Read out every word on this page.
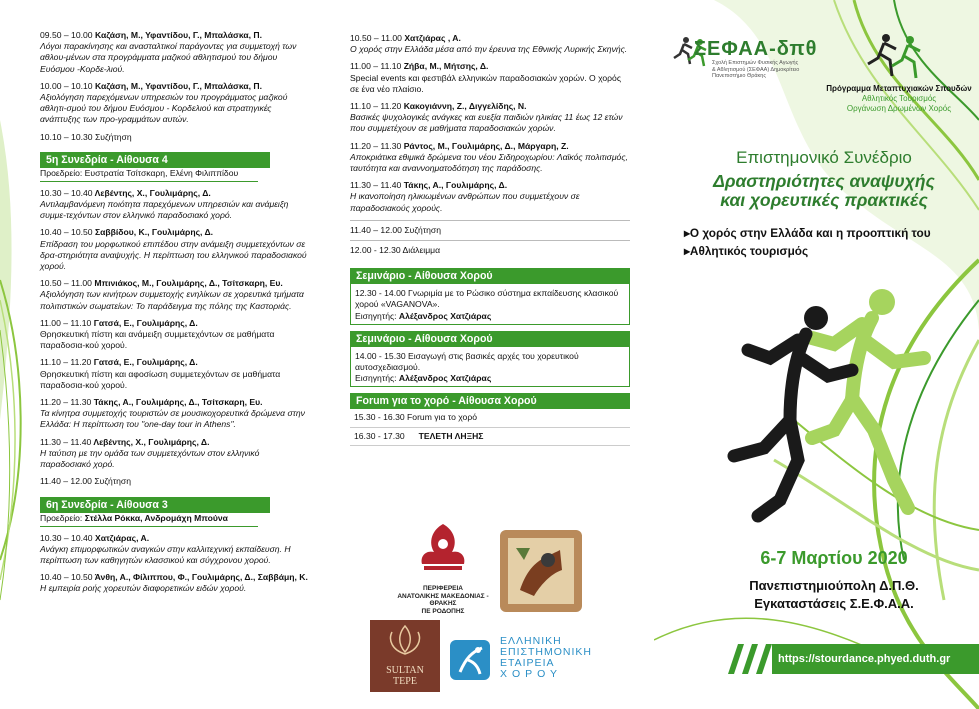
09.50 – 10.00 Καζάση, Μ., Υφαντίδου, Γ., Μπαλάσκα, Π.
Λόγοι παρακίνησης και ανασταλτικοί παράγοντες για συμμετοχή των αθλου-μένων στα προγράμματα μαζικού αθλητισμού του δήμου Ευόσμου -Κορδε-λιού.
10.00 – 10.10 Καζάση, Μ., Υφαντίδου, Γ., Μπαλάσκα, Π.
Αξιολόγηση παρεχόμενων υπηρεσιών του προγράμματος μαζικού αθλητι-σμού του δήμου Ευόσμου - Κορδελιού και στρατηγικές ανάπτυξης των προ-γραμμάτων αυτών.
10.10 – 10.30 Συζήτηση
5η Συνεδρία - Αίθουσα 4
Προεδρείο: Ευστρατία Τσίτσκαρη, Ελένη Φιλιππίδου
10.30 – 10.40 Λεβέντης, Χ., Γουλιμάρης, Δ.
Αντιλαμβανόμενη ποιότητα παρεχόμενων υπηρεσιών και ανάμειξη συμμε-τεχόντων στον ελληνικό παραδοσιακό χορό.
10.40 – 10.50 Σαββίδου, Κ., Γουλιμάρης, Δ.
Επίδραση του μορφωτικού επιπέδου στην ανάμειξη συμμετεχόντων σε δρα-στηριότητα αναψυχής. Η περίπτωση του ελληνικού παραδοσιακού χορού.
10.50 – 11.00 Μπινιάκος, Μ., Γουλιμάρης, Δ., Τσίτσκαρη, Ευ.
Αξιολόγηση των κινήτρων συμμετοχής ενηλίκων σε χορευτικά τμήματα πολιτιστικών σωματείων: Το παράδειγμα της πόλης της Καστοριάς.
11.00 – 11.10 Γατσά, Ε., Γουλιμάρης, Δ.
Θρησκευτική πίστη και ανάμειξη συμμετεχόντων σε μαθήματα παραδοσια-κού χορού.
11.10 – 11.20 Γατσά, Ε., Γουλιμάρης, Δ.
Θρησκευτική πίστη και αφοσίωση συμμετεχόντων σε μαθήματα παραδοσια-κού χορού.
11.20 – 11.30 Τάκης, Α., Γουλιμάρης, Δ., Τσίτσκαρη, Ευ.
Τα κίνητρα συμμετοχής τουριστών σε μουσικοχορευτικά δρώμενα στην Ελλάδα: Η περίπτωση του "one-day tour in Athens".
11.30 – 11.40 Λεβέντης, Χ., Γουλιμάρης, Δ.
Η ταύτιση με την ομάδα των συμμετεχόντων στον ελληνικό παραδοσιακό χορό.
11.40 – 12.00 Συζήτηση
6η Συνεδρία - Αίθουσα 3
Προεδρείο: Στέλλα Ρόκκα, Ανδρομάχη Μπούνα
10.30 – 10.40 Χατζιάρας, Α.
Ανάγκη επιμορφωτικών αναγκών στην καλλιτεχνική εκπαίδευση. Η περίπτωση των καθηγητών κλασσικού και σύγχρονου χορού.
10.40 – 10.50 Άνθη, Α., Φίλιππου, Φ., Γουλιμάρης, Δ., Σαββάμη, Κ.
Η εμπειρία ροής χορευτών διαφορετικών ειδών χορού.
10.50 – 11.00 Χατζιάρας , Α.
Ο χορός στην Ελλάδα μέσα από την έρευνα της Εθνικής Λυρικής Σκηνής.
11.00 – 11.10 Ζήβα, Μ., Μήτσης, Δ.
Special events και φεστιβάλ ελληνικών παραδοσιακών χορών. Ο χορός σε ένα νέο πλαίσιο.
11.10 – 11.20 Κακογιάννη, Ζ., Διγγελίδης, Ν.
Βασικές ψυχολογικές ανάγκες και ευεξία παιδιών ηλικίας 11 έως 12 ετών που συμμετέχουν σε μαθήματα παραδοσιακών χορών.
11.20 – 11.30 Ράντος, Μ., Γουλιμάρης, Δ., Μάργαρη, Ζ.
Αποκριάτικα εθιμικά δρώμενα του νέου Σιδηροχωρίου: Λαϊκός πολιτισμός, ταυτότητα και αναννοηματοδότηση της παράδοσης.
11.30 – 11.40 Τάκης, Α., Γουλιμάρης, Δ.
Η ικανοποίηση ηλικιωμένων ανθρώπων που συμμετέχουν σε παραδοσιακούς χορούς.
11.40 – 12.00 Συζήτηση
12.00 - 12.30 Διάλειμμα
Σεμινάριο - Αίθουσα Χορού
12.30 - 14.00 Γνωριμία με το Ρώσικο σύστημα εκπαίδευσης κλασικού χορού «VAGANOVA».
Εισηγητής: Αλέξανδρος Χατζιάρας
Σεμινάριο - Αίθουσα Χορού
14.00 - 15.30 Εισαγωγή στις βασικές αρχές του χορευτικού αυτοσχεδιασμού.
Εισηγητής: Αλέξανδρος Χατζιάρας
Forum για το χορό - Αίθουσα Χορού
15.30 - 16.30 Forum για το χορό
16.30 - 17.30 ΤΕΛΕΤΗ ΛΗΞΗΣ
ΠΕΡΙΦΕΡΕΙΑ
ΑΝΑΤΟΛΙΚΗΣ ΜΑΚΕΔΟΝΙΑΣ - ΘΡΑΚΗΣ
ΠΕ ΡΟΔΟΠΗΣ
SULTAN
TEPE
ΕΛΛΗΝΙΚΗ
ΕΠΙΣΤΗΜΟΝΙΚΗ
ΕΤΑΙΡΕΙΑ
ΧΟΡΟΥ
ΣΕΦΑΑ-δπθ
Σχολή Επιστημών Φυσικής Αγωγής & Αθλητισμού (ΣΕΦΑΑ) Δημοκρίτειο Πανεπιστήμιο Θράκης
Πρόγραμμα Μεταπτυχιακών Σπουδών
Αθλητικός Τουρισμός
Οργάνωση Δρωμένων Χορός
Επιστημονικό Συνέδριο
Δραστηριότητες αναψυχής
και χορευτικές πρακτικές
▸Ο χορός στην Ελλάδα και η προοπτική του
▸Αθλητικός τουρισμός
6-7 Μαρτίου 2020
Πανεπιστημιούπολη Δ.Π.Θ.
Εγκαταστάσεις Σ.Ε.Φ.Α.Α.
https://stourdance.phyed.duth.gr
